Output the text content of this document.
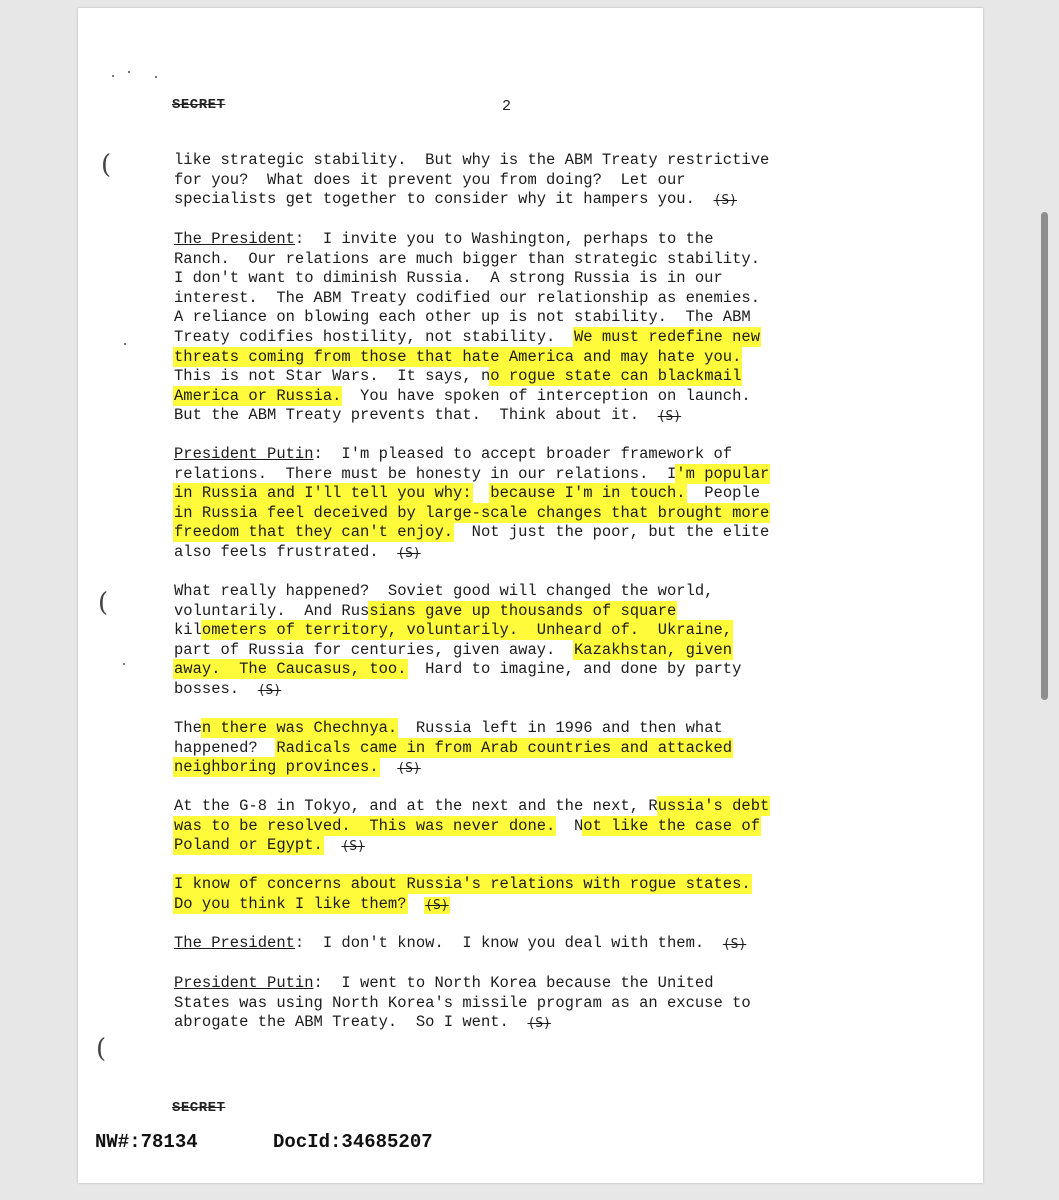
(
(
(
SECRET	2
like strategic stability.  But why is the ABM Treaty restrictive
for you?  What does it prevent you from doing?  Let our
specialists get together to consider why it hampers you. (S)
The President:  I invite you to Washington, perhaps to the
Ranch.  Our relations are much bigger than strategic stability.
I don't want to diminish Russia.  A strong Russia is in our
interest.  The ABM Treaty codified our relationship as enemies.
A reliance on blowing each other up is not stability.  The ABM
Treaty codifies hostility, not stability.  We must redefine new
threats coming from those that hate America and may hate you.
This is not Star Wars.  It says, no rogue state can blackmail
America or Russia.  You have spoken of interception on launch.
But the ABM Treaty prevents that.  Think about it. (S)
President Putin:  I'm pleased to accept broader framework of
relations.  There must be honesty in our relations.  I'm popular
in Russia and I'll tell you why: because I'm in touch.  People
in Russia feel deceived by large-scale changes that brought more
freedom that they can't enjoy.  Not just the poor, but the elite
also feels frustrated. (S)
What really happened?  Soviet good will changed the world,
voluntarily.  And Russians gave up thousands of square
kilometers of territory, voluntarily.  Unheard of.  Ukraine,
part of Russia for centuries, given away.  Kazakhstan, given
away.  The Caucasus, too.  Hard to imagine, and done by party
bosses. (S)
Then there was Chechnya.  Russia left in 1996 and then what
happened?  Radicals came in from Arab countries and attacked
neighboring provinces. (S)
At the G-8 in Tokyo, and at the next and the next, Russia's debt
was to be resolved.  This was never done.  Not like the case of
Poland or Egypt. (S)
I know of concerns about Russia's relations with rogue states.
Do you think I like them? (S)
The President:  I don't know.  I know you deal with them. (S)
President Putin:  I went to North Korea because the United
States was using North Korea's missile program as an excuse to
abrogate the ABM Treaty.  So I went. (S)
SECRET
NW#:78134	DocId:34685207
